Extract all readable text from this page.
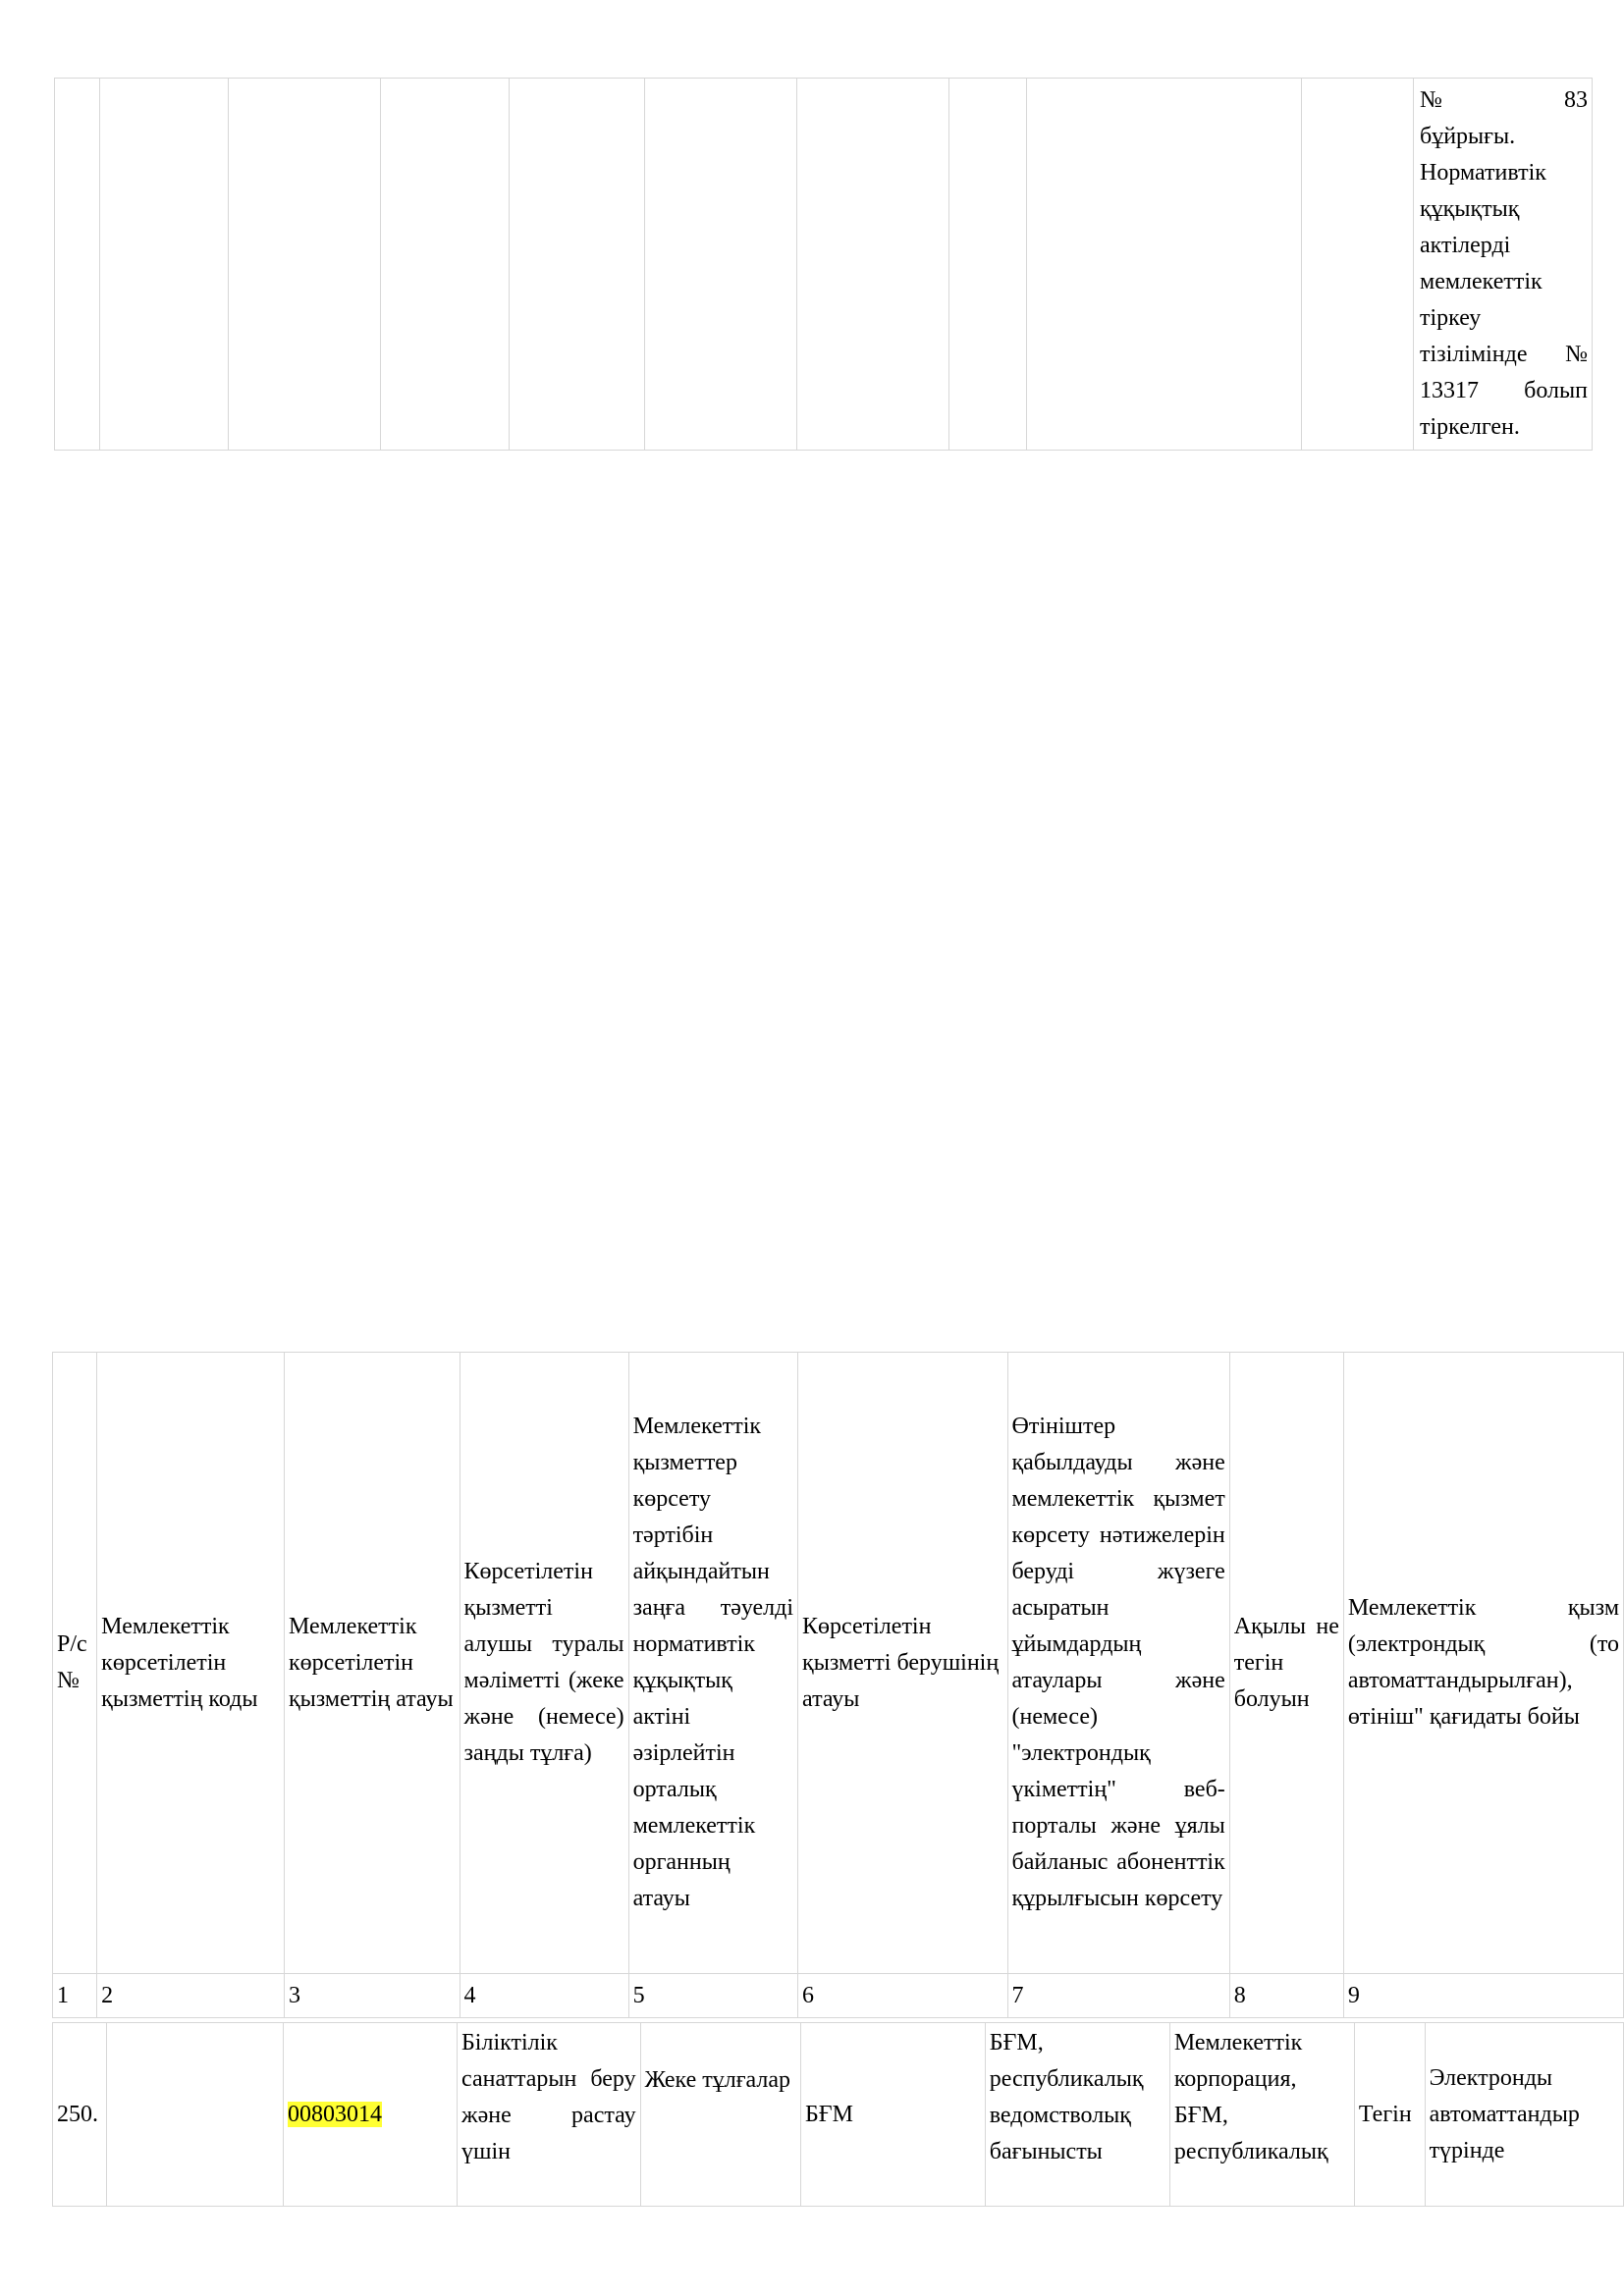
№ 83
бұйрығы.
Нормативтік
құқықтық
актілерді
мемлекеттік
тіркеу
тізілімінде №
13317 болып
тіркелген.
Р/с №	Мемлекеттік көрсетілетін қызметтің коды	Мемлекеттік көрсетілетін қызметтің атауы	Көрсетілетін қызметті алушы туралы мәліметті (жеке және (немесе) заңды тұлға)	Мемлекеттік қызметтер көрсету тәртібін айқындайтын заңға тәуелді нормативтік құқықтық актіні әзірлейтін орталық мемлекеттік органның атауы	Көрсетілетін қызметті берушінің атауы	Өтініштер қабылдауды және мемлекеттік қызмет көрсету нәтижелерін беруді жүзеге асыратын ұйымдардың атаулары және (немесе) "электрондық үкіметтің" веб-порталы және ұялы байланыс абоненттік құрылғысын көрсету	Ақылы не тегін болуын	Мемлекеттік қызм (электрондық (то автоматтандырылған), өтініш" қағидаты бойы
1	2	3	4	5	6	7	8	9
250.		00803014	Біліктілік санаттарын беру және растау үшін	Жеке тұлғалар	БҒМ	БҒМ, республикалық ведомстволық бағынысты	Мемлекеттік корпорация, БҒМ, республикалық	Тегін	Электронды автоматтандыр түрінде
